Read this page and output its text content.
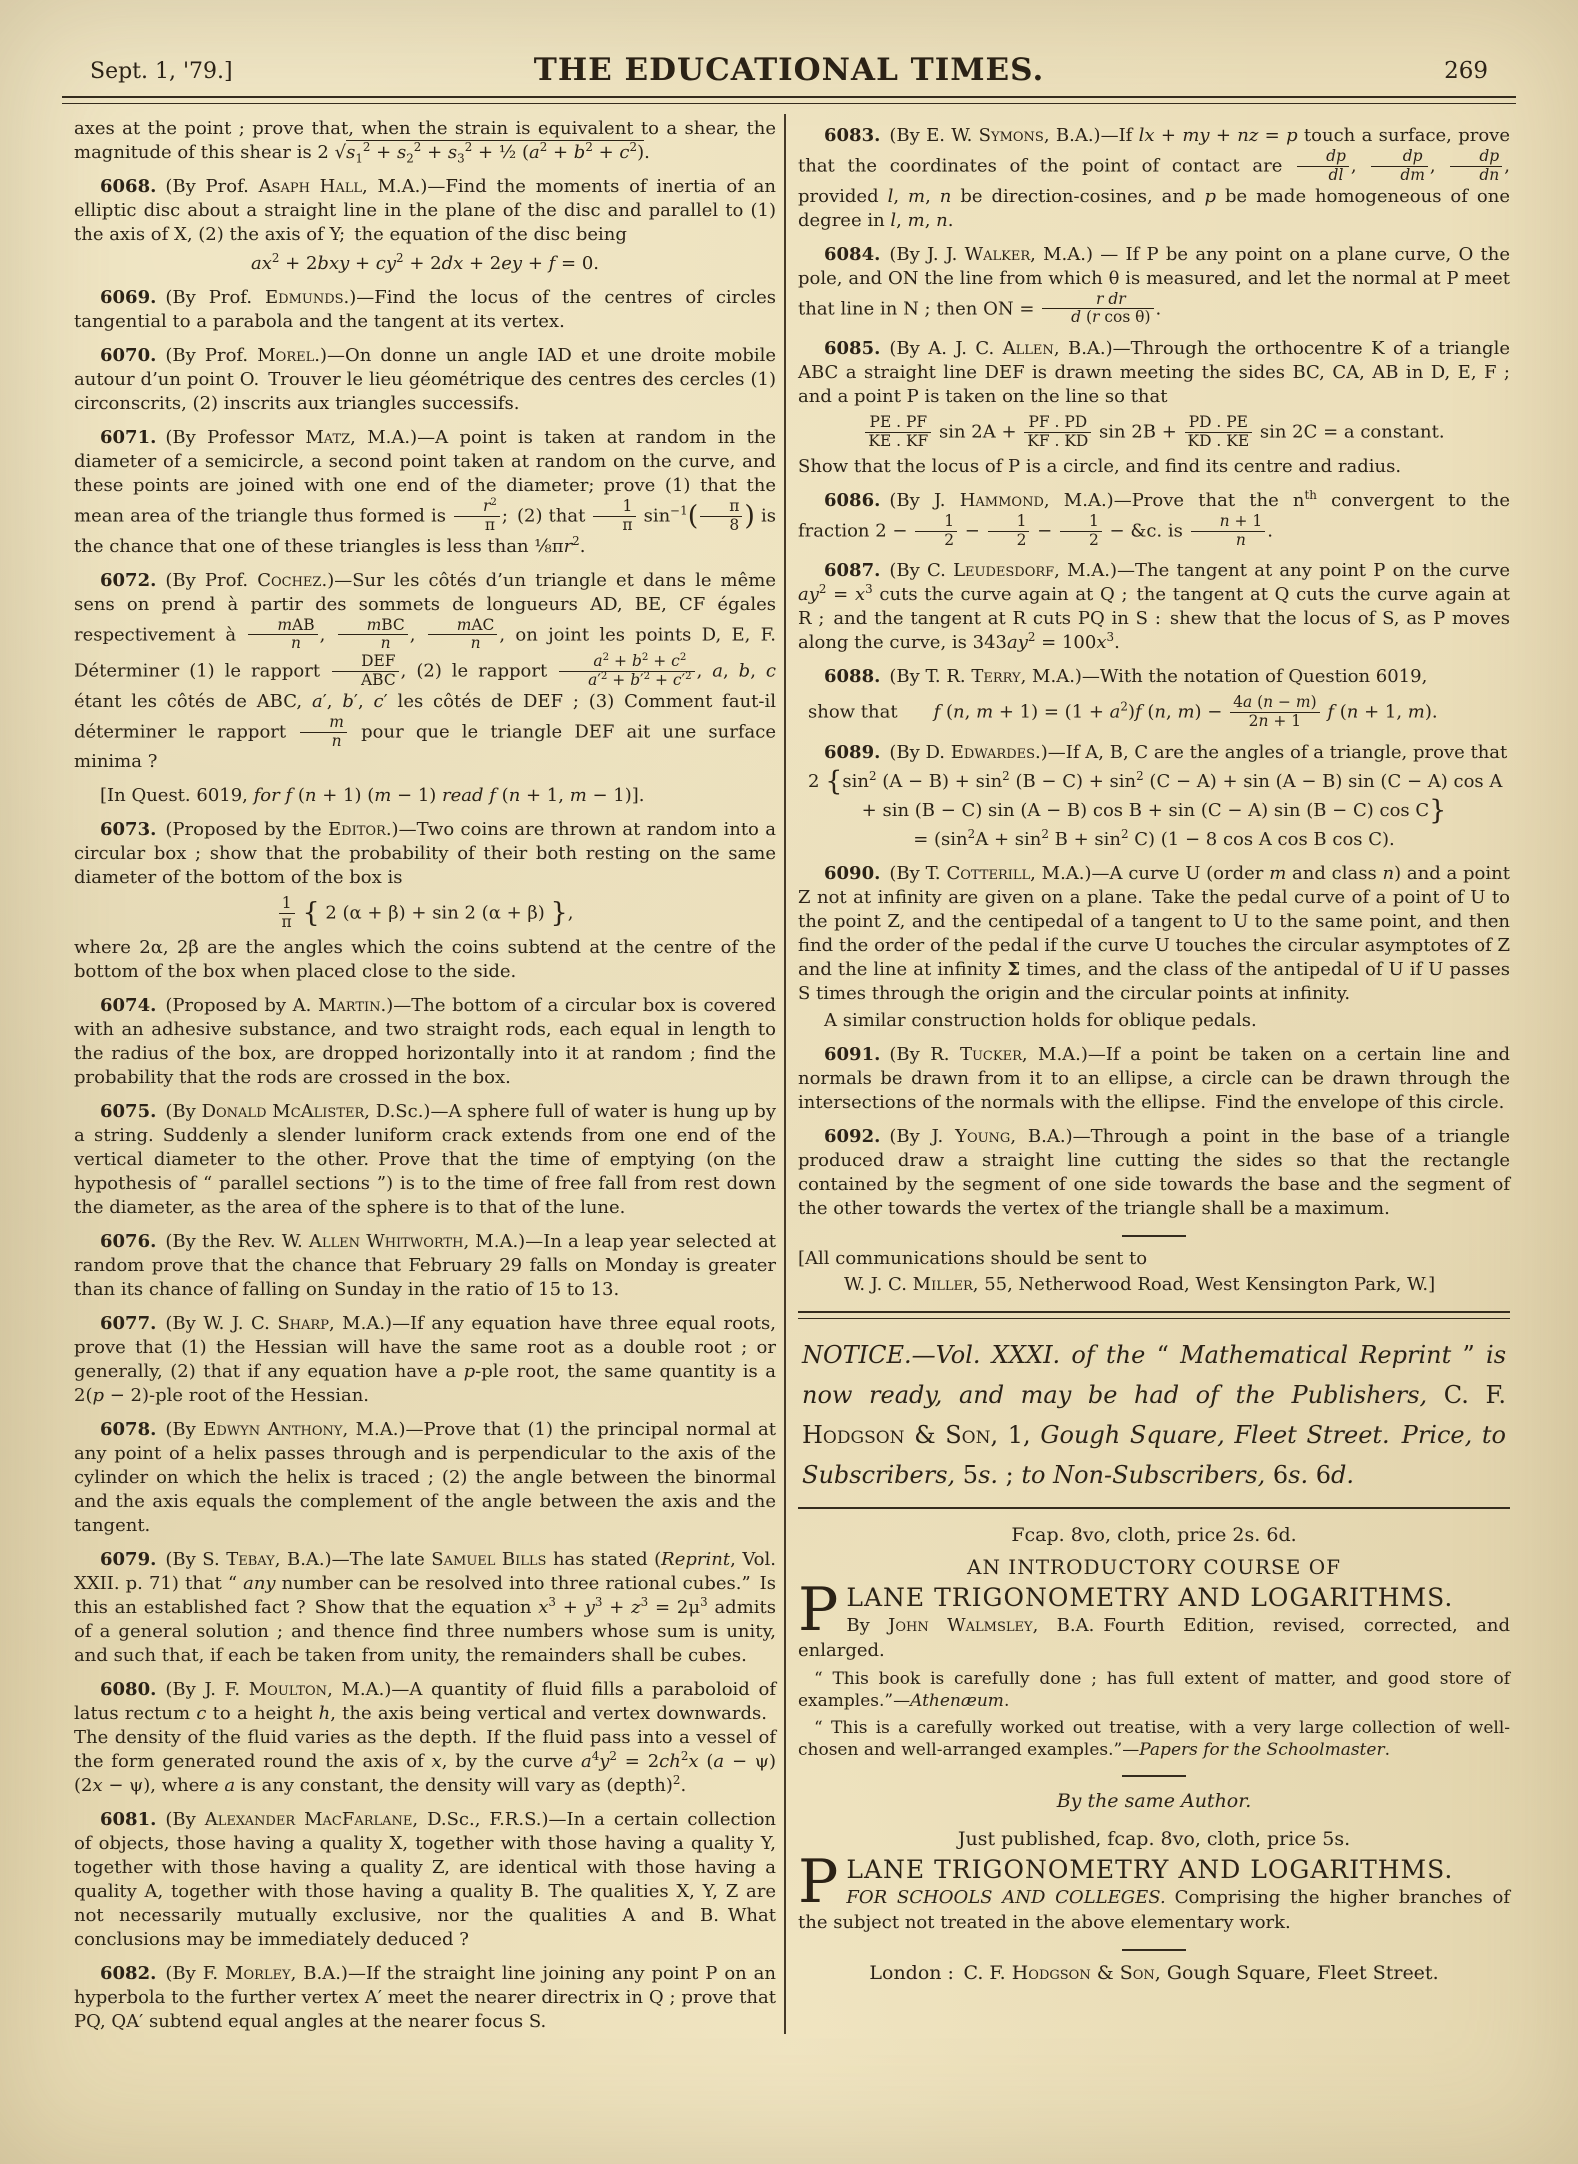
Sept. 1, '79.]	THE EDUCATIONAL TIMES.	269

axes at the point ; prove that, when the strain is equivalent to a shear, the magnitude of this shear is 2 $√s_1^2 + s_2^2 + s_3^2$ + ½ $(a^2 + b^2 + c^2)$.

6068. (By Prof. Asaph Hall, M.A.)—Find the moments of inertia of an elliptic disc about a straight line in the plane of the disc and parallel to (1) the axis of X, (2) the axis of Y; the equation of the disc being

$ax^2 + 2bxy + cy^2 + 2dx + 2ey + f = 0$.

6069. (By Prof. Edmunds.)—Find the locus of the centres of circles tangential to a parabola and the tangent at its vertex.

6070. (By Prof. Morel.)—On donne un angle IAD et une droite mobile autour d’un point O. Trouver le lieu géométrique des centres des cercles (1) circonscrits, (2) inscrits aux triangles successifs.

6071. (By Professor Matz, M.A.)—A point is taken at random in the diameter of a semicircle, a second point taken at random on the curve, and these points are joined with one end of the diameter; prove (1) that the mean area of the triangle thus formed is $\frac{r^2}{\pi}$ ; (2) that $\frac{1}{\pi} \sin^{-1}( \frac{\pi}{8}$ ) is the chance that one of these triangles is less than $\frac{1}{8}\pi r^2$.

6072. (By Prof. Cochez.)—Sur les côtés d’un triangle et dans le même sens on prend à partir des sommets de longueurs AD, BE, CF égales respectivement à	mAB
n	,	mBC
n	,	mAC
n	, on joint les points D, E, F. Déterminer (1) le rapport	DEF
ABC , (2) le rapport $\frac{a^2 + b^2 + c^2}{a'^2 + b'^2 + c'^2}$ , a, b, c étant les côtés de ABC, a′, b′, c′ les côtés de DEF ; (3) Comment faut-il déterminer le rapport $\frac{m}{n}$ pour que le triangle DEF ait une surface minima ?

[In Quest. 6019, for f (n + 1) (m − 1) read f (n + 1, m − 1)].

6073. (Proposed by the Editor.)—Two coins are thrown at random into a circular box ; show that the probability of their both resting on the same diameter of the bottom of the box is

$\frac{1}{\pi}$ { 2 (α + β) + sin 2 (α + β) },

where 2α, 2β are the angles which the coins subtend at the centre of the bottom of the box when placed close to the side.

6074. (Proposed by A. Martin.)—The bottom of a circular box is covered with an adhesive substance, and two straight rods, each equal in length to the radius of the box, are dropped horizontally into it at random ; find the probability that the rods are crossed in the box.

6075. (By Donald McAlister, D.Sc.)—A sphere full of water is hung up by a string. Suddenly a slender luniform crack extends from one end of the vertical diameter to the other. Prove that the time of emptying (on the hypothesis of “ parallel sections ”) is to the time of free fall from rest down the diameter, as the area of the sphere is to that of the lune.

6076. (By the Rev. W. Allen Whitworth, M.A.)—In a leap year selected at random prove that the chance that February 29 falls on Monday is greater than its chance of falling on Sunday in the ratio of 15 to 13.

6077. (By W. J. C. Sharp, M.A.)—If any equation have three equal roots, prove that (1) the Hessian will have the same root as a double root ; or generally, (2) that if any equation have a p-ple root, the same quantity is a 2(p − 2)-ple root of the Hessian.

6078. (By Edwyn Anthony, M.A.)—Prove that (1) the principal normal at any point of a helix passes through and is perpendicular to the axis of the cylinder on which the helix is traced ; (2) the angle between the binormal and the axis equals the complement of the angle between the axis and the tangent.

6079. (By S. Tebay, B.A.)—The late Samuel Bills has stated (Reprint, Vol. XXII. p. 71) that “ any number can be resolved into three rational cubes.” Is this an established fact ? Show that the equation $x^3 + y^3 + z^3 = 2\mu^3$ admits of a general solution ; and thence find three numbers whose sum is unity, and such that, if each be taken from unity, the remainders shall be cubes.

6080. (By J. F. Moulton, M.A.)—A quantity of fluid fills a paraboloid of latus rectum c to a height h, the axis being vertical and vertex downwards. The density of the fluid varies as the depth. If the fluid pass into a vessel of the form generated round the axis of x, by the curve $a^4y^2 = 2ch^2x$ (a − ψ) (2x − ψ), where a is any constant, the density will vary as (depth)$^2$.

6081. (By Alexander MacFarlane, D.Sc., F.R.S.)—In a certain collection of objects, those having a quality X, together with those having a quality Y, together with those having a quality Z, are identical with those having a quality A, together with those having a quality B. The qualities X, Y, Z are not necessarily mutually exclusive, nor the qualities A and B. What conclusions may be immediately deduced ?

6082. (By F. Morley, B.A.)—If the straight line joining any point P on an hyperbola to the further vertex A′ meet the nearer directrix in Q ; prove that PQ, QA′ subtend equal angles at the nearer focus S.

6083. (By E. W. Symons, B.A.)—If lx + my + nz = p touch a surface, prove that the coordinates of the point of contact are $\frac{dp}{dl}$ , $\frac{dp}{dm}$ , $\frac{dp}{dn}$ , provided l, m, n be direction-cosines, and p be made homogeneous of one degree in l, m, n.

6084. (By J. J. Walker, M.A.) — If P be any point on a plane curve, O the pole, and ON the line from which θ is measured, and let the normal at P meet that line in N ; then ON = $\frac{\text{r dr}}{\text{d (r cos θ)}}$ .

6085. (By A. J. C. Allen, B.A.)—Through the orthocentre K of a triangle ABC a straight line DEF is drawn meeting the sides BC, CA, AB in D, E, F ; and a point P is taken on the line so that

$\frac{PE . PF}{KE . KF}$ $\sin 2A + \frac{PF . PD}{KF . KD}$ $\sin 2B + \frac{PD . PE}{KD . KE}$ sin 2C = a constant.

Show that the locus of P is a circle, and find its centre and radius.

6086. (By J. Hammond, M.A.)—Prove that the $n^{th}$ convergent to the fraction $2 - \frac{1}{2} - \frac{1}{2} - \frac{1}{2}$ − &c. is $\frac{n + 1}{n}$ .

6087. (By C. Leudesdorf, M.A.)—The tangent at any point P on the curve $ay^2 = x^3$ cuts the curve again at Q ; the tangent at Q cuts the curve again at R ; and the tangent at R cuts PQ in S : shew that the locus of S, as P moves along the curve, is $343ay^2 = 100x^3$.

6088. (By T. R. Terry, M.A.)—With the notation of Question 6019,

show that  f (n, $m + 1) = (1 + a^2)f$ (n, $m) - \frac{4a (n - m)}{2n + 1}$ f (n + 1, m).

6089. (By D. Edwardes.)—If A, B, C are the angles of a triangle, prove that

2 {$\sin^2$ $(A - B) + \sin^2 (B - C) + \sin^2 (C - A) + \sin (A - B)$ sin (C − A) cos A

+ sin (B − C) sin (A − B) cos B + sin (C − A) sin (B − C) cos C}

= $(\sin^2A + \sin^2 B + \sin^2 C) (1 - 8$ cos A cos B cos C).

6090. (By T. Cotterill, M.A.)—A curve U (order m and class n) and a point Z not at infinity are given on a plane. Take the pedal curve of a point of U to the point Z, and the centipedal of a tangent to U to the same point, and then find the order of the pedal if the curve U touches the circular asymptotes of Z and the line at infinity Σ times, and the class of the antipedal of U if U passes S times through the origin and the circular points at infinity.

A similar construction holds for oblique pedals.

6091. (By R. Tucker, M.A.)—If a point be taken on a certain line and normals be drawn from it to an ellipse, a circle can be drawn through the intersections of the normals with the ellipse. Find the envelope of this circle.

6092. (By J. Young, B.A.)—Through a point in the base of a triangle produced draw a straight line cutting the sides so that the rectangle contained by the segment of one side towards the base and the segment of the other towards the vertex of the triangle shall be a maximum.

[All communications should be sent to

W. J. C. Miller, 55, Netherwood Road, West Kensington Park, W.]

NOTICE.—Vol. XXXI. of the “ Mathematical Reprint ” is now ready, and may be had of the Publishers, C. F. Hodgson & Son, 1, Gough Square, Fleet Street. Price, to Subscribers, 5s. ; to Non-Subscribers, 6s. 6d.

Fcap. 8vo, cloth, price 2s. 6d.

AN INTRODUCTORY COURSE OF

PLANE TRIGONOMETRY AND LOGARITHMS.
By John Walmsley, B.A. Fourth Edition, revised, corrected, and enlarged.

“ This book is carefully done ; has full extent of matter, and good store of examples.”—Athenæum.

“ This is a carefully worked out treatise, with a very large collection of well-chosen and well-arranged examples.”—Papers for the Schoolmaster.

By the same Author.

Just published, fcap. 8vo, cloth, price 5s.

PLANE TRIGONOMETRY AND LOGARITHMS.
FOR SCHOOLS AND COLLEGES. Comprising the higher branches of the subject not treated in the above elementary work.

London : C. F. Hodgson & Son, Gough Square, Fleet Street.
